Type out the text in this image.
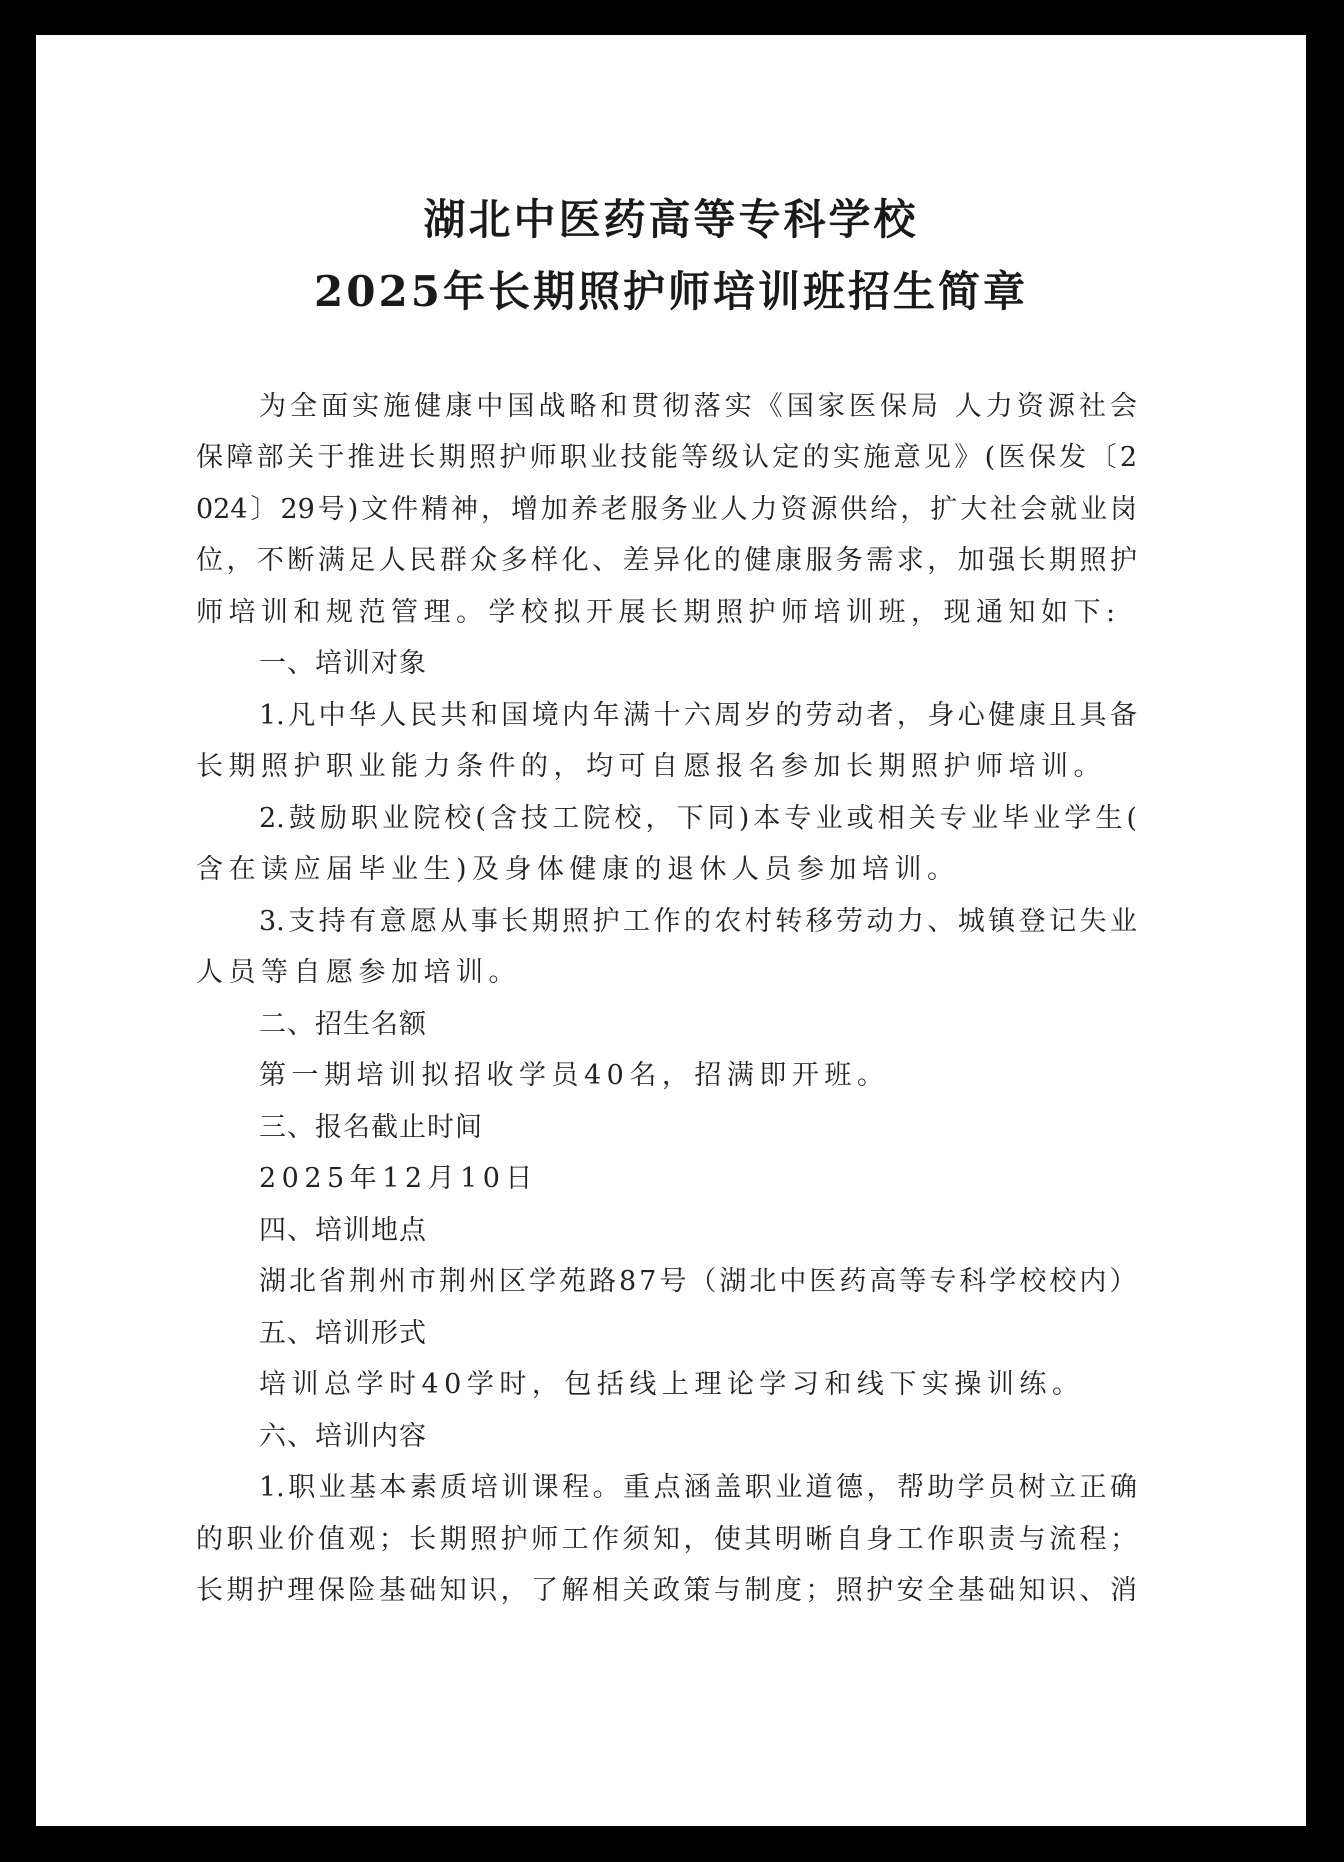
湖北中医药高等专科学校
2025年长期照护师培训班招生简章
为全面实施健康中国战略和贯彻落实《国家医保局 人力资源社会
保障部关于推进长期照护师职业技能等级认定的实施意见》(医保发〔2
024〕29号)文件精神，增加养老服务业人力资源供给，扩大社会就业岗
位，不断满足人民群众多样化、差异化的健康服务需求，加强长期照护
师培训和规范管理。学校拟开展长期照护师培训班，现通知如下:
一、培训对象
1.凡中华人民共和国境内年满十六周岁的劳动者，身心健康且具备
长期照护职业能力条件的，均可自愿报名参加长期照护师培训。
2.鼓励职业院校(含技工院校，下同)本专业或相关专业毕业学生(
含在读应届毕业生)及身体健康的退休人员参加培训。
3.支持有意愿从事长期照护工作的农村转移劳动力、城镇登记失业
人员等自愿参加培训。
二、招生名额
第一期培训拟招收学员40名，招满即开班。
三、报名截止时间
2025年12月10日
四、培训地点
湖北省荆州市荆州区学苑路87号（湖北中医药高等专科学校校内）
五、培训形式
培训总学时40学时，包括线上理论学习和线下实操训练。
六、培训内容
1.职业基本素质培训课程。重点涵盖职业道德，帮助学员树立正确
的职业价值观；长期照护师工作须知，使其明晰自身工作职责与流程；
长期护理保险基础知识，了解相关政策与制度；照护安全基础知识、消
